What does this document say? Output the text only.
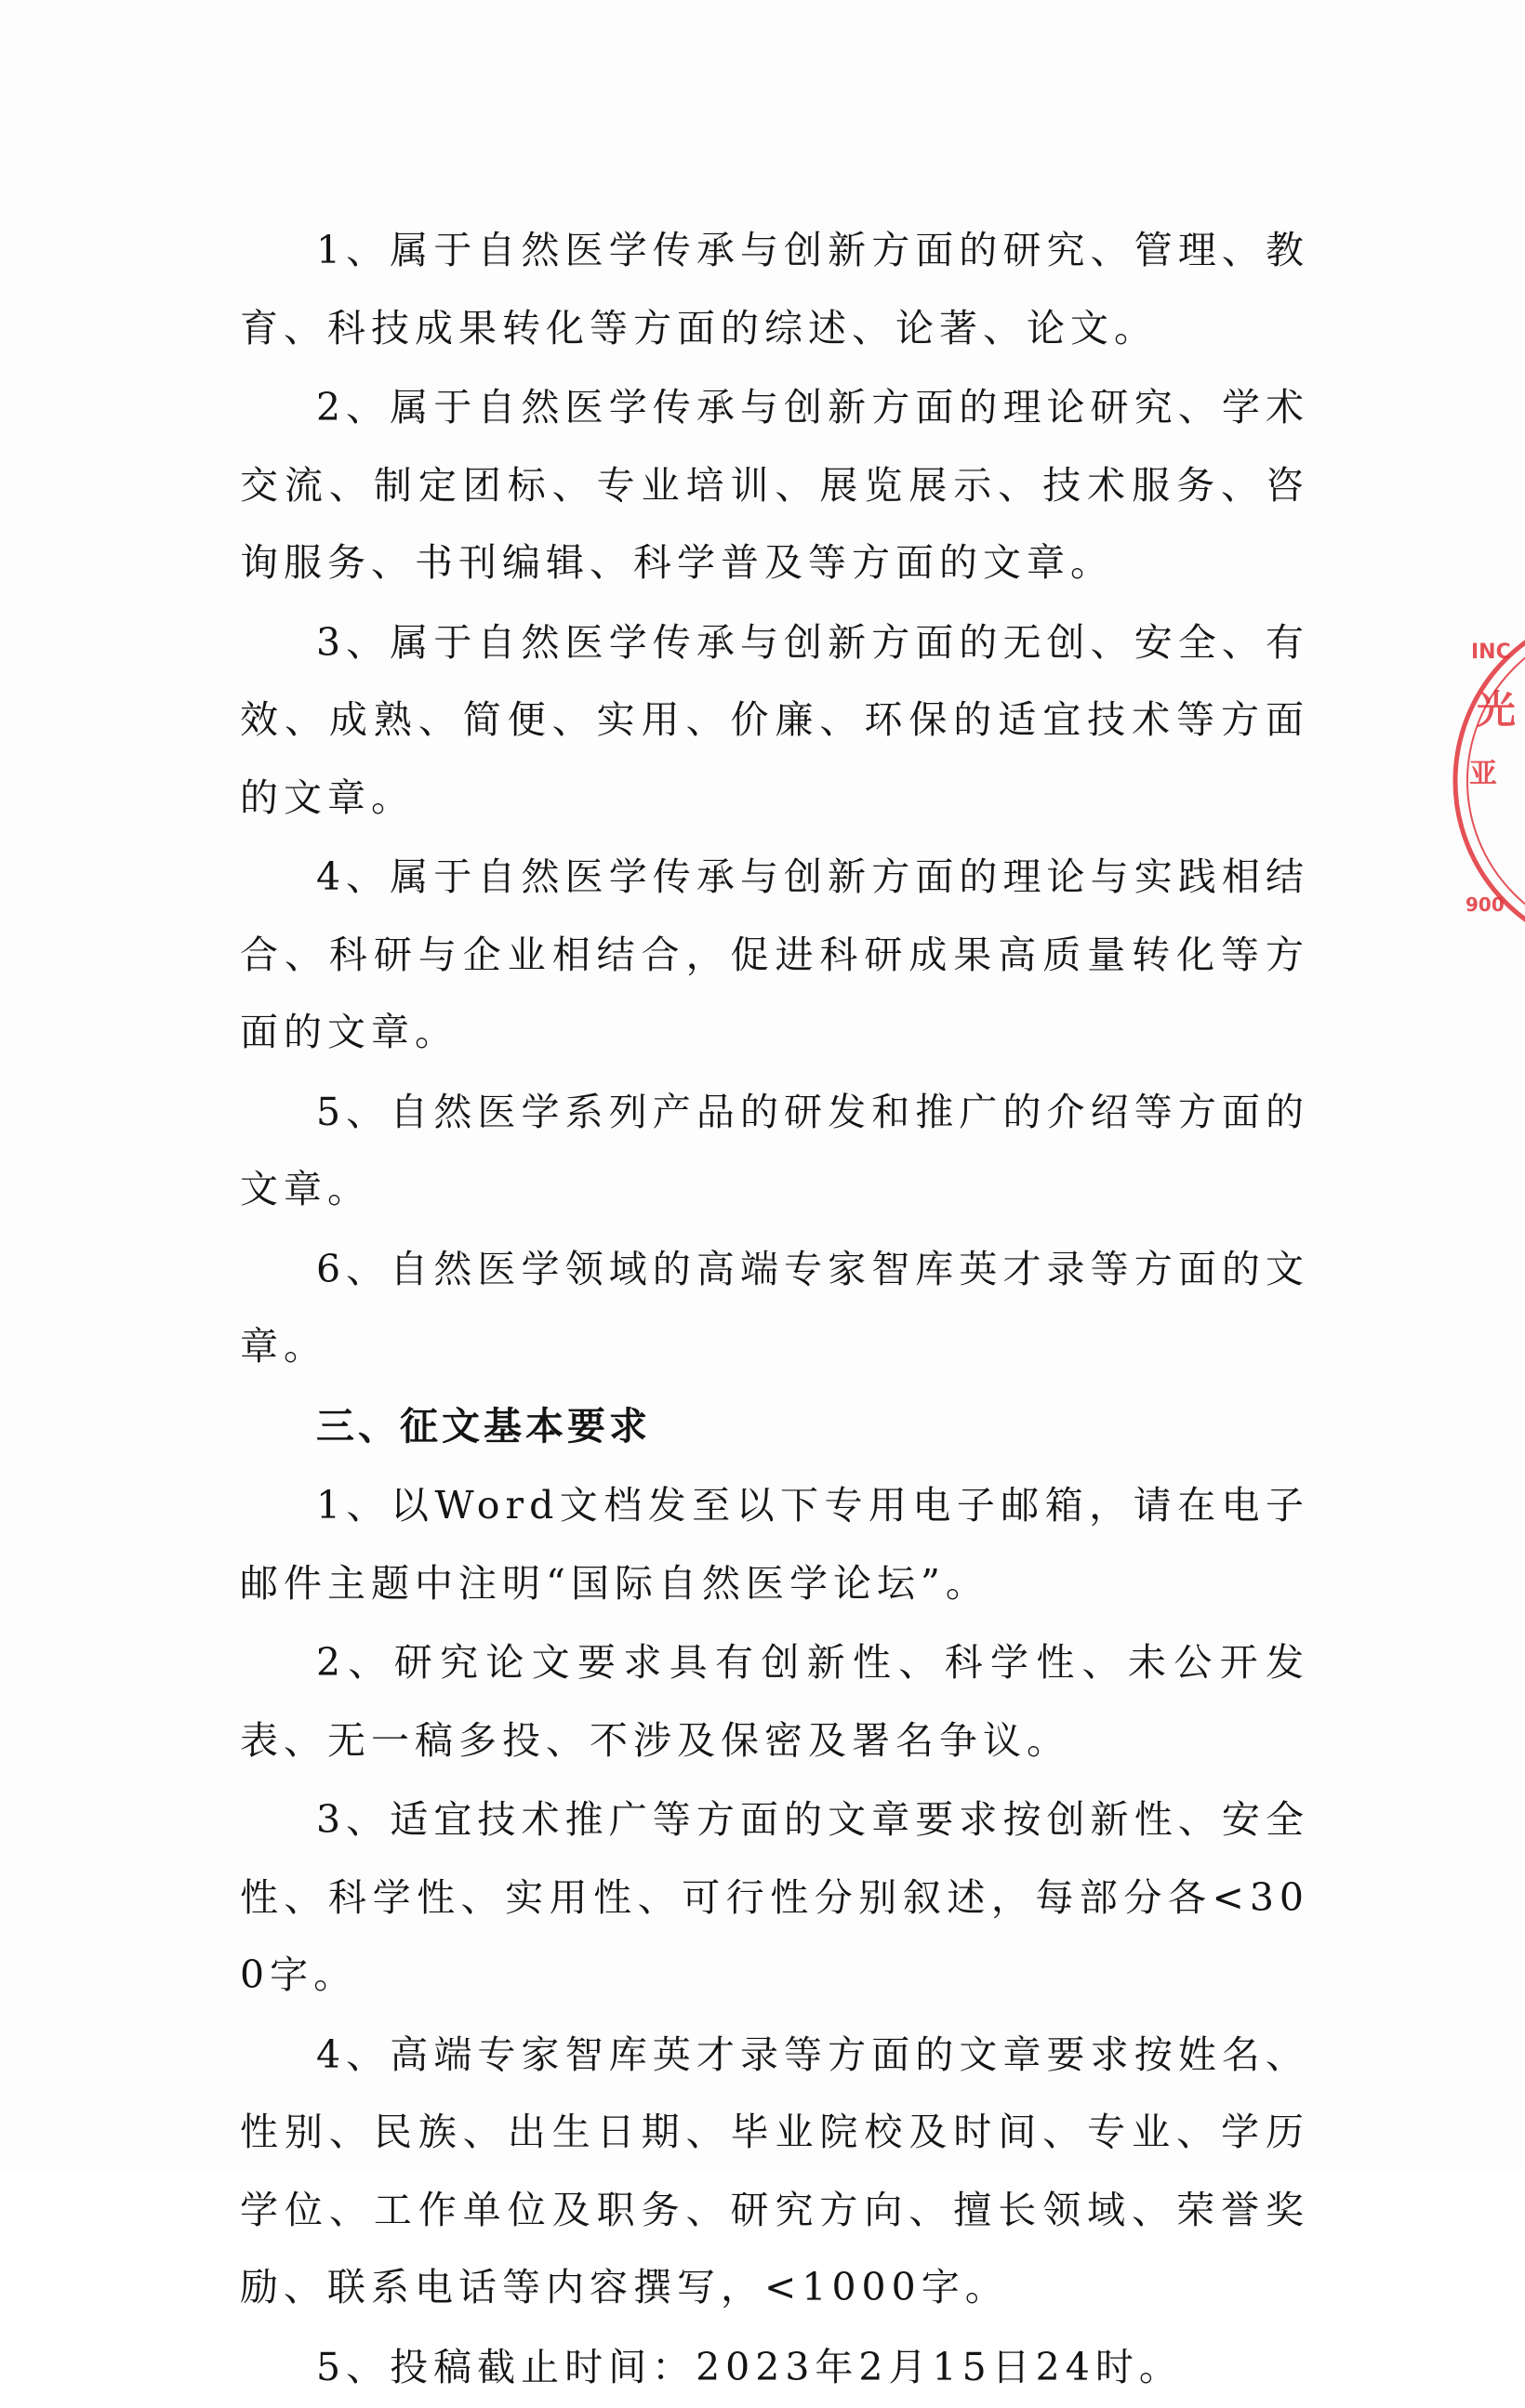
1、属于自然医学传承与创新方面的研究、管理、教育、科技成果转化等方面的综述、论著、论文。

2、属于自然医学传承与创新方面的理论研究、学术交流、制定团标、专业培训、展览展示、技术服务、咨询服务、书刊编辑、科学普及等方面的文章。

3、属于自然医学传承与创新方面的无创、安全、有效、成熟、简便、实用、价廉、环保的适宜技术等方面的文章。

4、属于自然医学传承与创新方面的理论与实践相结合、科研与企业相结合，促进科研成果高质量转化等方面的文章。

5、自然医学系列产品的研发和推广的介绍等方面的文章。

6、自然医学领域的高端专家智库英才录等方面的文章。

三、征文基本要求

1、以Word文档发至以下专用电子邮箱，请在电子邮件主题中注明“国际自然医学论坛”。

2、研究论文要求具有创新性、科学性、未公开发表、无一稿多投、不涉及保密及署名争议。

3、适宜技术推广等方面的文章要求按创新性、安全性、科学性、实用性、可行性分别叙述，每部分各<300字。

4、高端专家智库英才录等方面的文章要求按姓名、性别、民族、出生日期、毕业院校及时间、专业、学历学位、工作单位及职务、研究方向、擅长领域、荣誉奖励、联系电话等内容撰写，<1000字。

5、投稿截止时间：2023年2月15日24时。

INC
光
亚
900
